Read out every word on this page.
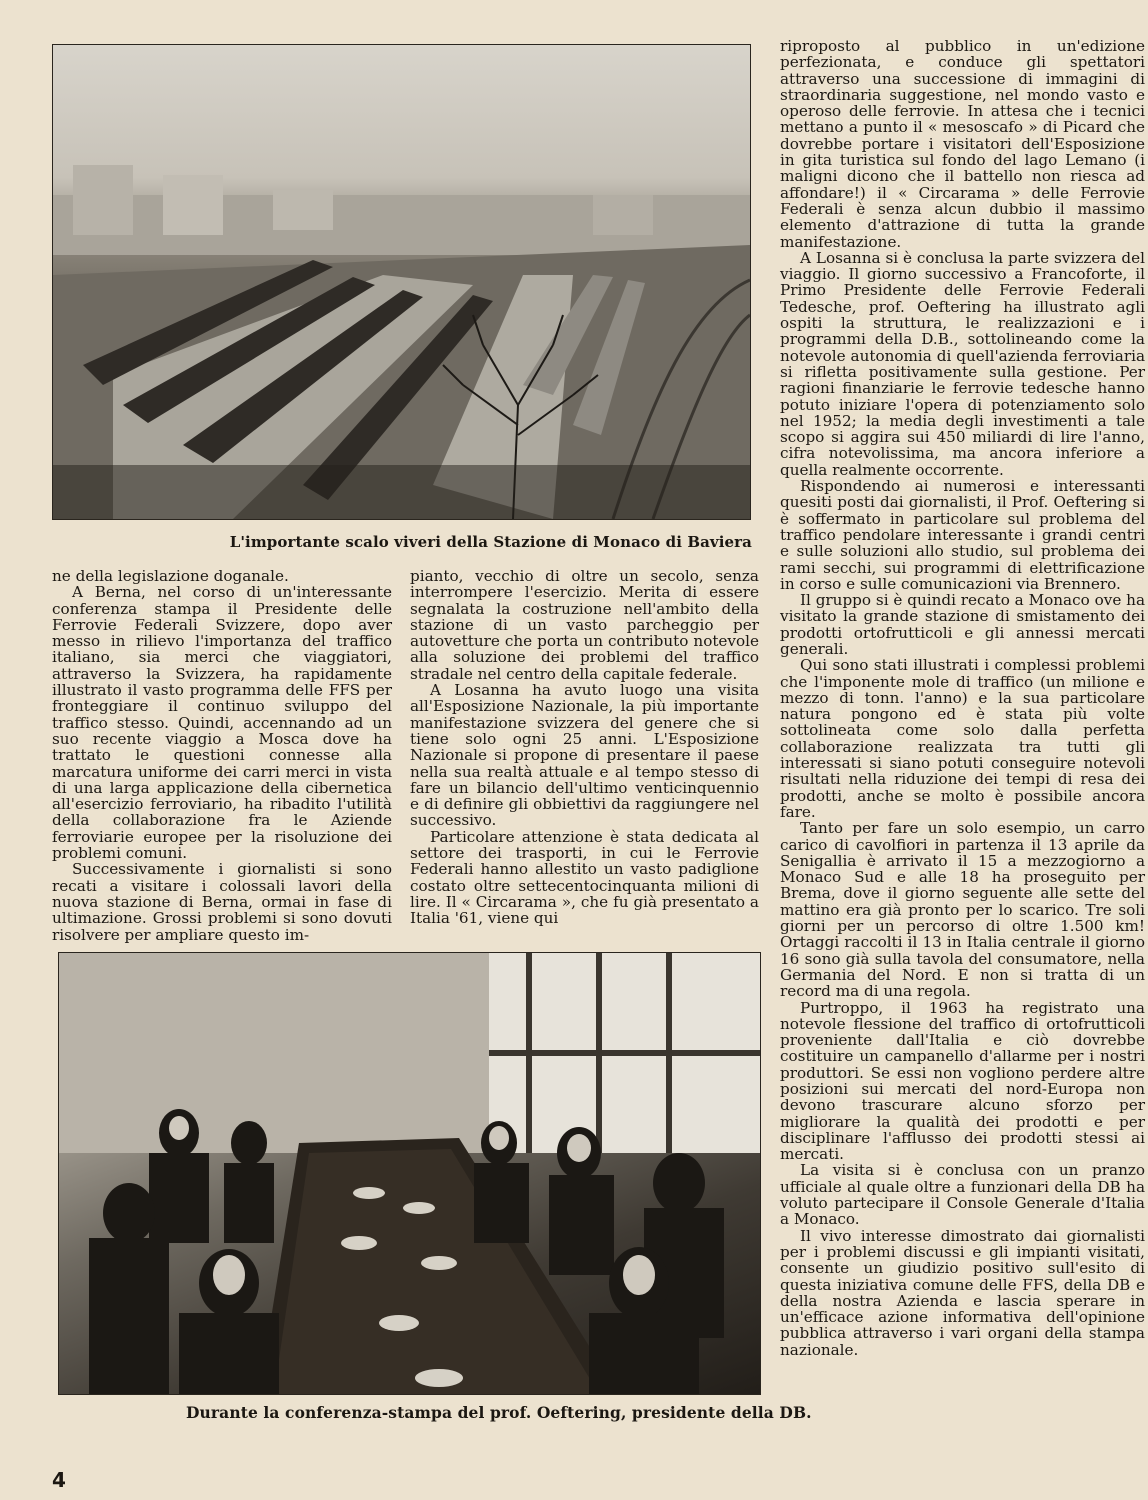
L'importante scalo viveri della Stazione di Monaco di Baviera

ne della legislazione doganale.

A Berna, nel corso di un'interessante conferenza stampa il Presidente delle Ferrovie Federali Svizzere, dopo aver messo in rilievo l'importanza del traffico italiano, sia merci che viaggiatori, attraverso la Svizzera, ha rapidamente illustrato il vasto programma delle FFS per fronteggiare il continuo sviluppo del traffico stesso. Quindi, accennando ad un suo recente viaggio a Mosca dove ha trattato le questioni connesse alla marcatura uniforme dei carri merci in vista di una larga applicazione della cibernetica all'esercizio ferroviario, ha ribadito l'utilità della collaborazione fra le Aziende ferroviarie europee per la risoluzione dei problemi comuni.

Successivamente i giornalisti si sono recati a visitare i colossali lavori della nuova stazione di Berna, ormai in fase di ultimazione. Grossi problemi si sono dovuti risolvere per ampliare questo im-

pianto, vecchio di oltre un secolo, senza interrompere l'esercizio. Merita di essere segnalata la costruzione nell'ambito della stazione di un vasto parcheggio per autovetture che porta un contributo notevole alla soluzione dei problemi del traffico stradale nel centro della capitale federale.

A Losanna ha avuto luogo una visita all'Esposizione Nazionale, la più importante manifestazione svizzera del genere che si tiene solo ogni 25 anni. L'Esposizione Nazionale si propone di presentare il paese nella sua realtà attuale e al tempo stesso di fare un bilancio dell'ultimo venticinquennio e di definire gli obbiettivi da raggiungere nel successivo.

Particolare attenzione è stata dedicata al settore dei trasporti, in cui le Ferrovie Federali hanno allestito un vasto padiglione costato oltre settecentocinquanta milioni di lire. Il « Circarama », che fu già presentato a Italia '61, viene qui

Durante la conferenza-stampa del prof. Oeftering, presidente della DB.

riproposto al pubblico in un'edizione perfezionata, e conduce gli spettatori attraverso una successione di immagini di straordinaria suggestione, nel mondo vasto e operoso delle ferrovie. In attesa che i tecnici mettano a punto il « mesoscafo » di Picard che dovrebbe portare i visitatori dell'Esposizione in gita turistica sul fondo del lago Lemano (i maligni dicono che il battello non riesca ad affondare!) il « Circarama » delle Ferrovie Federali è senza alcun dubbio il massimo elemento d'attrazione di tutta la grande manifestazione.

A Losanna si è conclusa la parte svizzera del viaggio. Il giorno successivo a Francoforte, il Primo Presidente delle Ferrovie Federali Tedesche, prof. Oeftering ha illustrato agli ospiti la struttura, le realizzazioni e i programmi della D.B., sottolineando come la notevole autonomia di quell'azienda ferroviaria si rifletta positivamente sulla gestione. Per ragioni finanziarie le ferrovie tedesche hanno potuto iniziare l'opera di potenziamento solo nel 1952; la media degli investimenti a tale scopo si aggira sui 450 miliardi di lire l'anno, cifra notevolissima, ma ancora inferiore a quella realmente occorrente.

Rispondendo ai numerosi e interessanti quesiti posti dai giornalisti, il Prof. Oeftering si è soffermato in particolare sul problema del traffico pendolare interessante i grandi centri e sulle soluzioni allo studio, sul problema dei rami secchi, sui programmi di elettrificazione in corso e sulle comunicazioni via Brennero.

Il gruppo si è quindi recato a Monaco ove ha visitato la grande stazione di smistamento dei prodotti ortofrutticoli e gli annessi mercati generali.

Qui sono stati illustrati i complessi problemi che l'imponente mole di traffico (un milione e mezzo di tonn. l'anno) e la sua particolare natura pongono ed è stata più volte sottolineata come solo dalla perfetta collaborazione realizzata tra tutti gli interessati si siano potuti conseguire notevoli risultati nella riduzione dei tempi di resa dei prodotti, anche se molto è possibile ancora fare.

Tanto per fare un solo esempio, un carro carico di cavolfiori in partenza il 13 aprile da Senigallia è arrivato il 15 a mezzogiorno a Monaco Sud e alle 18 ha proseguito per Brema, dove il giorno seguente alle sette del mattino era già pronto per lo scarico. Tre soli giorni per un percorso di oltre 1.500 km! Ortaggi raccolti il 13 in Italia centrale il giorno 16 sono già sulla tavola del consumatore, nella Germania del Nord. E non si tratta di un record ma di una regola.

Purtroppo, il 1963 ha registrato una notevole flessione del traffico di ortofrutticoli proveniente dall'Italia e ciò dovrebbe costituire un campanello d'allarme per i nostri produttori. Se essi non vogliono perdere altre posizioni sui mercati del nord-Europa non devono trascurare alcuno sforzo per migliorare la qualità dei prodotti e per disciplinare l'afflusso dei prodotti stessi ai mercati.

La visita si è conclusa con un pranzo ufficiale al quale oltre a funzionari della DB ha voluto partecipare il Console Generale d'Italia a Monaco.

Il vivo interesse dimostrato dai giornalisti per i problemi discussi e gli impianti visitati, consente un giudizio positivo sull'esito di questa iniziativa comune delle FFS, della DB e della nostra Azienda e lascia sperare in un'efficace azione informativa dell'opinione pubblica attraverso i vari organi della stampa nazionale.

4
